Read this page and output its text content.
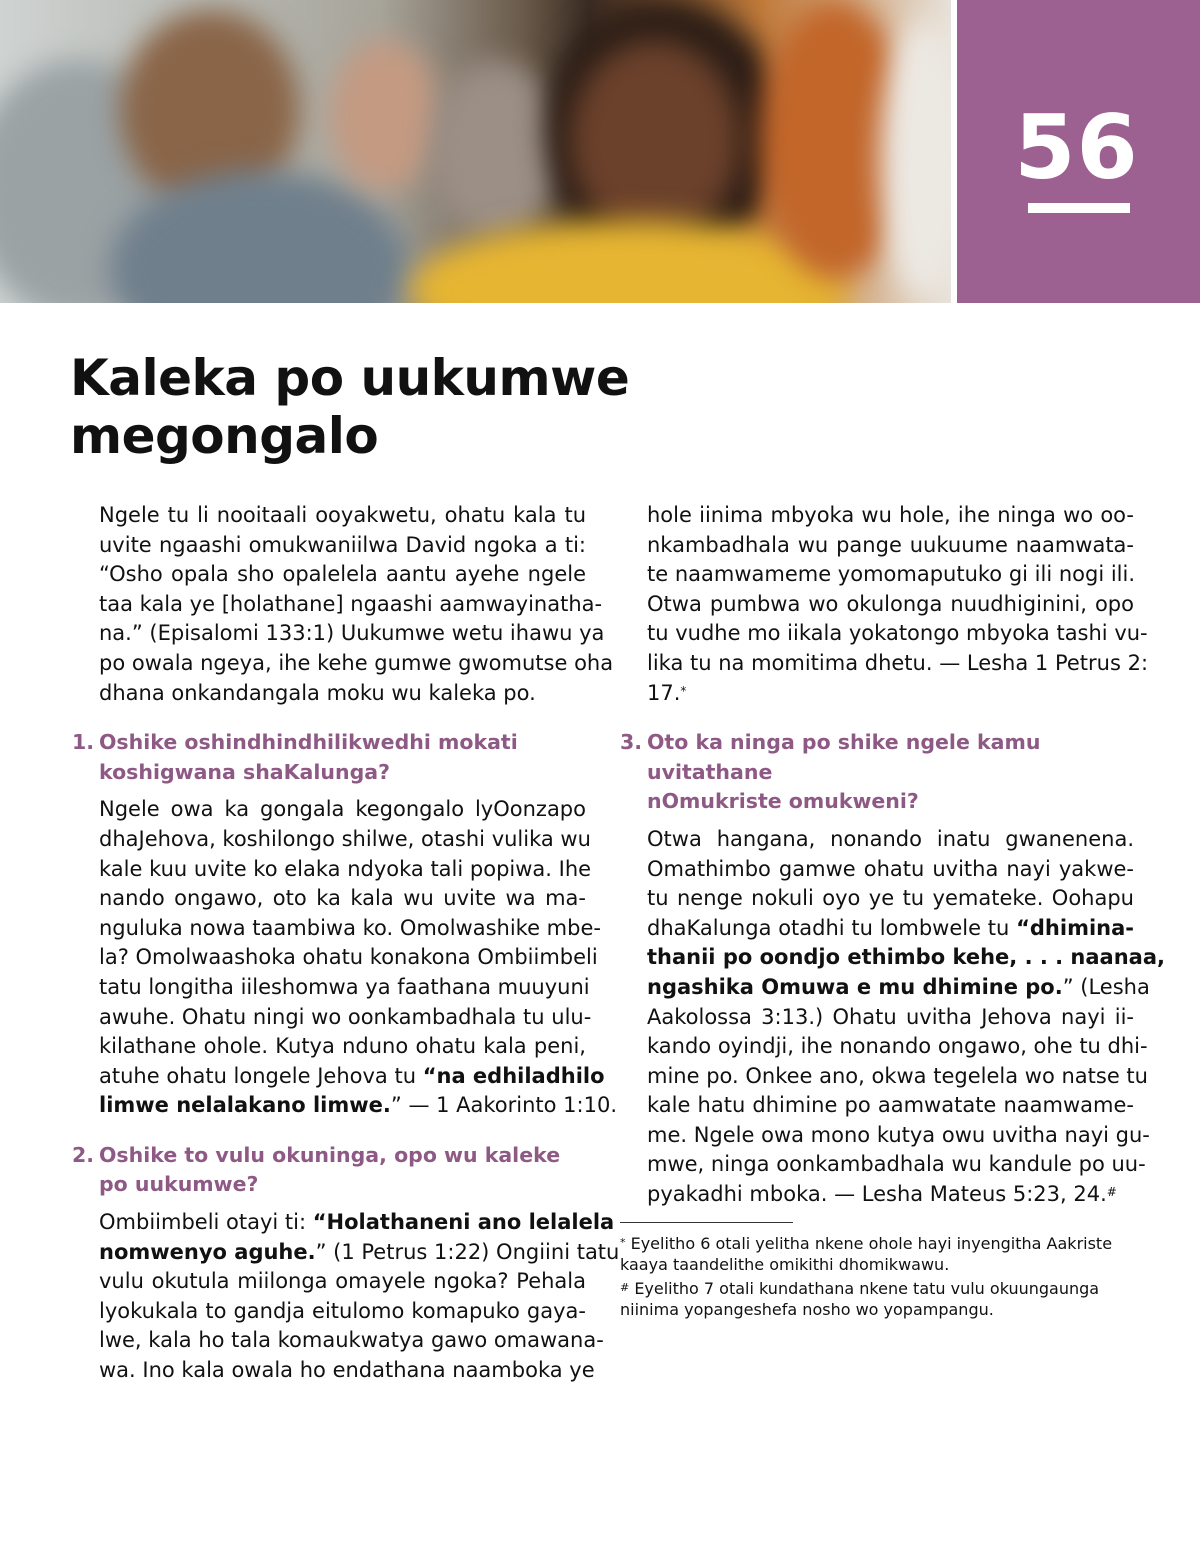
56
Kaleka po uukumwe
megongalo
Ngele tu li nooitaali ooyakwetu, ohatu kala tu
uvite ngaashi omukwaniilwa David ngoka a ti:
“Osho opala sho opalelela aantu ayehe ngele
taa kala ye [holathane] ngaashi aamwayinatha-
na.” (Episalomi 133:1) Uukumwe wetu ihawu ya
po owala ngeya, ihe kehe gumwe gwomutse oha
dhana onkandangala moku wu kaleka po.
1. Oshike oshindhindhilikwedhi mokati
koshigwana shaKalunga?
Ngele owa ka gongala kegongalo lyOonzapo
dhaJehova, koshilongo shilwe, otashi vulika wu
kale kuu uvite ko elaka ndyoka tali popiwa. Ihe
nando ongawo, oto ka kala wu uvite wa ma-
nguluka nowa taambiwa ko. Omolwashike mbe-
la? Omolwaashoka ohatu konakona Ombiimbeli
tatu longitha iileshomwa ya faathana muuyuni
awuhe. Ohatu ningi wo oonkambadhala tu ulu-
kilathane ohole. Kutya nduno ohatu kala peni,
atuhe ohatu longele Jehova tu “na edhiladhilo
limwe nelalakano limwe.” — 1 Aakorinto 1:10.
2. Oshike to vulu okuninga, opo wu kaleke
po uukumwe?
Ombiimbeli otayi ti: “Holathaneni ano lelalela
nomwenyo aguhe.” (1 Petrus 1:22) Ongiini tatu
vulu okutula miilonga omayele ngoka? Pehala
lyokukala to gandja eitulomo komapuko gaya-
lwe, kala ho tala komaukwatya gawo omawana-
wa. Ino kala owala ho endathana naamboka ye
hole iinima mbyoka wu hole, ihe ninga wo oo-
nkambadhala wu pange uukuume naamwata-
te naamwameme yomomaputuko gi ili nogi ili.
Otwa pumbwa wo okulonga nuudhiginini, opo
tu vudhe mo iikala yokatongo mbyoka tashi vu-
lika tu na momitima dhetu. — Lesha 1 Petrus 2:
17.*
3. Oto ka ninga po shike ngele kamu uvitathane
nOmukriste omukweni?
Otwa hangana, nonando inatu gwanenena.
Omathimbo gamwe ohatu uvitha nayi yakwe-
tu nenge nokuli oyo ye tu yemateke. Oohapu
dhaKalunga otadhi tu lombwele tu “dhimina-
thanii po oondjo ethimbo kehe, . . . naanaa,
ngashika Omuwa e mu dhimine po.” (Lesha
Aakolossa 3:13.) Ohatu uvitha Jehova nayi ii-
kando oyindji, ihe nonando ongawo, ohe tu dhi-
mine po. Onkee ano, okwa tegelela wo natse tu
kale hatu dhimine po aamwatate naamwame-
me. Ngele owa mono kutya owu uvitha nayi gu-
mwe, ninga oonkambadhala wu kandule po uu-
pyakadhi mboka. — Lesha Mateus 5:23, 24.#
* Eyelitho 6 otali yelitha nkene ohole hayi inyengitha Aakriste
kaaya taandelithe omikithi dhomikwawu.
# Eyelitho 7 otali kundathana nkene tatu vulu okuungaunga
niinima yopangeshefa nosho wo yopampangu.
